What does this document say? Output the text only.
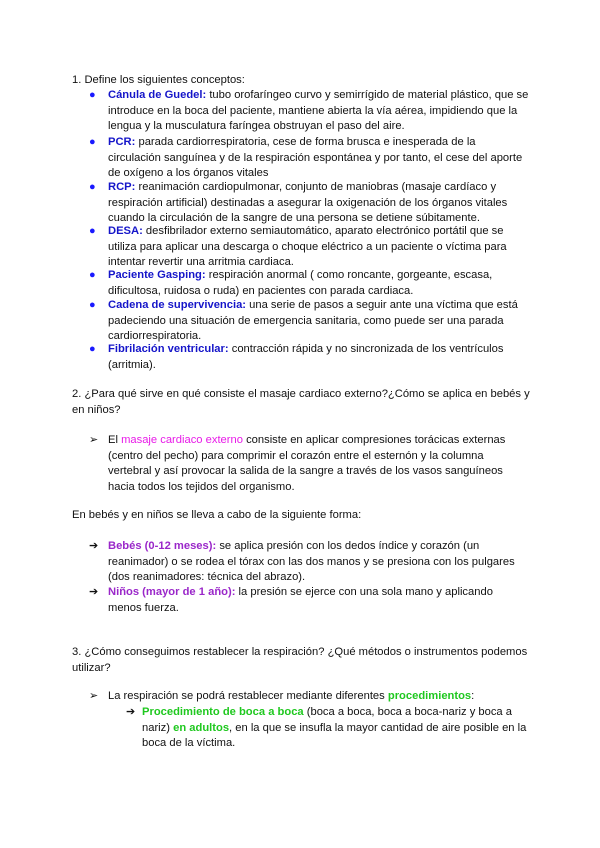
1. Define los siguientes conceptos:

●	Cánula de Guedel: tubo orofaríngeo curvo y semirrígido de material plástico, que se introduce en la boca del paciente, mantiene abierta la vía aérea, impidiendo que la lengua y la musculatura faríngea obstruyan el paso del aire.
●	PCR: parada cardiorrespiratoria, cese de forma brusca e inesperada de la circulación sanguínea y de la respiración espontánea y por tanto, el cese del aporte de oxígeno a los órganos vitales
●	RCP: reanimación cardiopulmonar, conjunto de maniobras (masaje cardíaco y respiración artificial) destinadas a asegurar la oxigenación de los órganos vitales cuando la circulación de la sangre de una persona se detiene súbitamente.
●	DESA: desfibrilador externo semiautomático, aparato electrónico portátil que se utiliza para aplicar una descarga o choque eléctrico a un paciente o víctima para intentar revertir una arritmia cardiaca.
●	Paciente Gasping: respiración anormal ( como roncante, gorgeante, escasa, dificultosa, ruidosa o ruda) en pacientes con parada cardiaca.
●	Cadena de supervivencia: una serie de pasos a seguir ante una víctima que está padeciendo una situación de emergencia sanitaria, como puede ser una parada cardiorrespiratoria.
●	Fibrilación ventricular: contracción rápida y no sincronizada de los ventrículos (arritmia).

2. ¿Para qué sirve en qué consiste el masaje cardiaco externo?¿Cómo se aplica en bebés y en niños?

➢ El masaje cardiaco externo consiste en aplicar compresiones torácicas externas (centro del pecho) para comprimir el corazón entre el esternón y la columna vertebral y así provocar la salida de la sangre a través de los vasos sanguíneos hacia todos los tejidos del organismo.

En bebés y en niños se lleva a cabo de la siguiente forma:

➔ Bebés (0-12 meses): se aplica presión con los dedos índice y corazón (un reanimador) o se rodea el tórax con las dos manos y se presiona con los pulgares (dos reanimadores: técnica del abrazo).
➔ Niños (mayor de 1 año): la presión se ejerce con una sola mano y aplicando menos fuerza.

3. ¿Cómo conseguimos restablecer la respiración? ¿Qué métodos o instrumentos podemos utilizar?

➢ La respiración se podrá restablecer mediante diferentes procedimientos:
➔ Procedimiento de boca a boca (boca a boca, boca a boca-nariz y boca a nariz) en adultos, en la que se insufla la mayor cantidad de aire posible en la boca de la víctima.
